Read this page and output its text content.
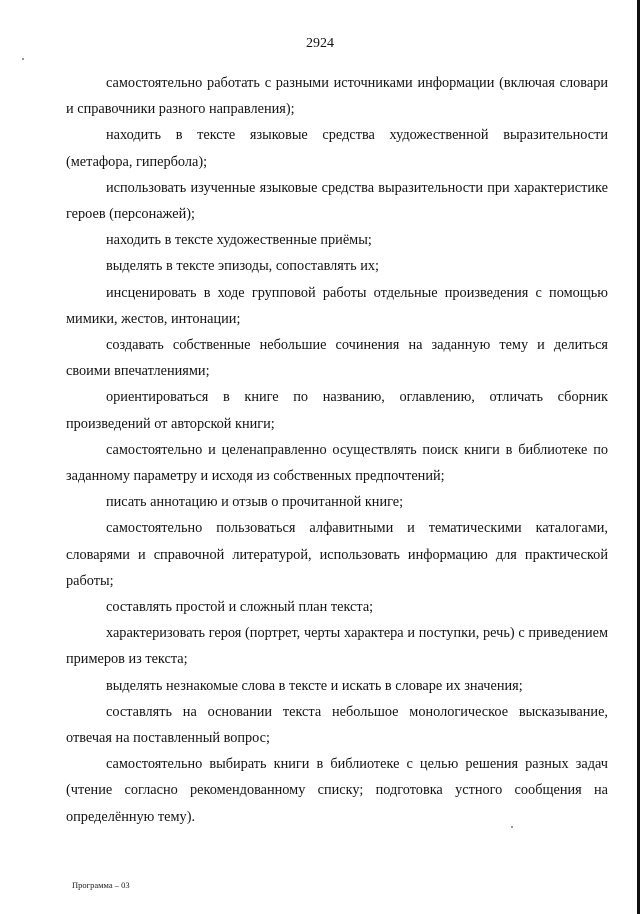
2924

самостоятельно работать с разными источниками информации (включая словари и справочники разного направления);

находить в тексте языковые средства художественной выразительности (метафора, гипербола);

использовать изученные языковые средства выразительности при характеристике героев (персонажей);

находить в тексте художественные приёмы;

выделять в тексте эпизоды, сопоставлять их;

инсценировать в ходе групповой работы отдельные произведения с помощью мимики, жестов, интонации;

создавать собственные небольшие сочинения на заданную тему и делиться своими впечатлениями;

ориентироваться в книге по названию, оглавлению, отличать сборник произведений от авторской книги;

самостоятельно и целенаправленно осуществлять поиск книги в библиотеке по заданному параметру и исходя из собственных предпочтений;

писать аннотацию и отзыв о прочитанной книге;

самостоятельно пользоваться алфавитными и тематическими каталогами, словарями и справочной литературой, использовать информацию для практической работы;

составлять простой и сложный план текста;

характеризовать героя (портрет, черты характера и поступки, речь) с приведением примеров из текста;

выделять незнакомые слова в тексте и искать в словаре их значения;

составлять на основании текста небольшое монологическое высказывание, отвечая на поставленный вопрос;

самостоятельно выбирать книги в библиотеке с целью решения разных задач (чтение согласно рекомендованному списку; подготовка устного сообщения на определённую тему).

Программа – 03
